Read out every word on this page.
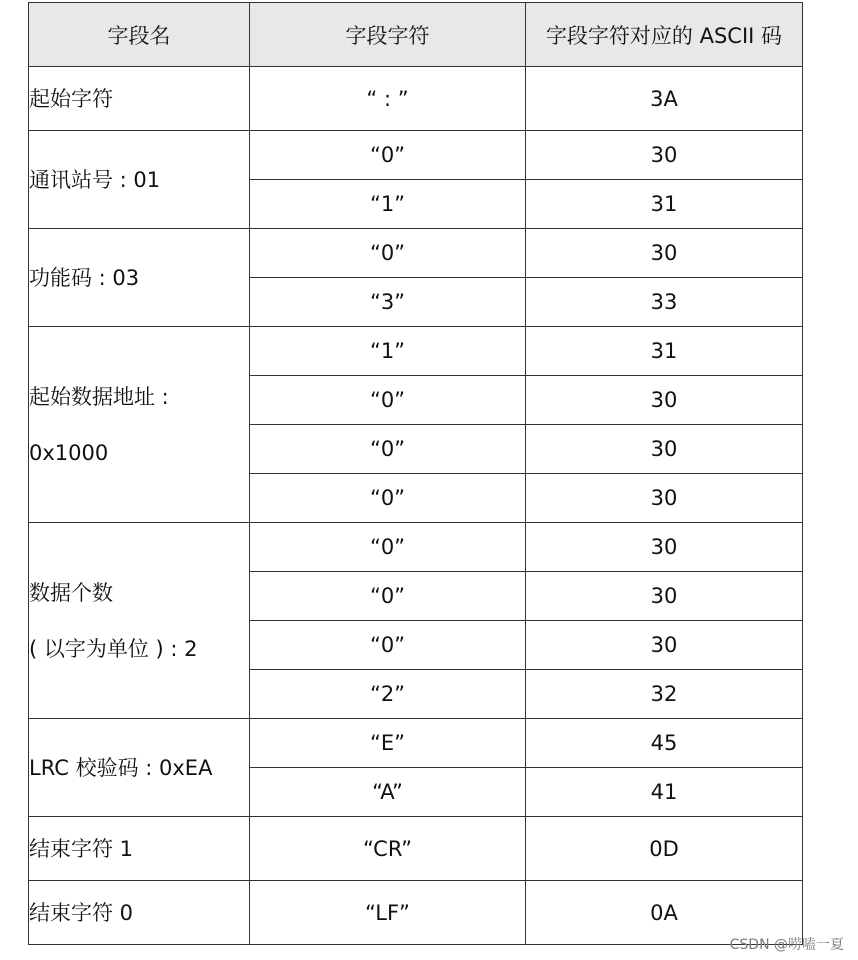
字段名	字段字符	字段字符对应的 ASCII 码

起始字符	“ : ”	3A

通讯站号 : 01	“0”	30
	“1”	31

功能码 : 03	“0”	30
	“3”	33

起始数据地址 : 0x1000	“1”	31
	“0”	30
	“0”	30
	“0”	30

数据个数
( 以字为单位 ) : 2	“0”	30
	“0”	30
	“0”	30
	“2”	32

LRC 校验码 : 0xEA	“E”	45
	“A”	41

结束字符 1	“CR”	0D

结束字符 0	“LF”	0A
CSDN @唠嗑一夏
